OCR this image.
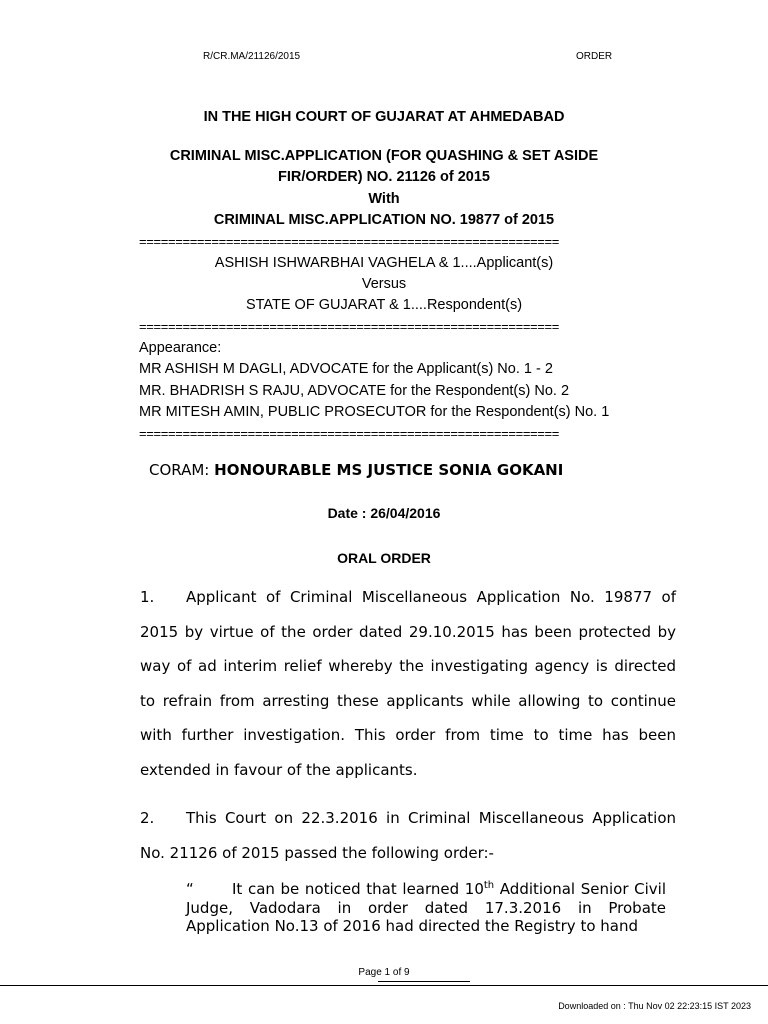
R/CR.MA/21126/2015	ORDER
IN THE HIGH COURT OF GUJARAT AT AHMEDABAD
CRIMINAL MISC.APPLICATION (FOR QUASHING & SET ASIDE
FIR/ORDER) NO. 21126 of 2015
With
CRIMINAL MISC.APPLICATION NO. 19877 of 2015
==========================================================
ASHISH ISHWARBHAI VAGHELA & 1....Applicant(s)
Versus
STATE OF GUJARAT & 1....Respondent(s)
==========================================================
Appearance:
MR ASHISH M DAGLI, ADVOCATE for the Applicant(s) No. 1 - 2
MR. BHADRISH S RAJU, ADVOCATE for the Respondent(s) No. 2
MR MITESH AMIN, PUBLIC PROSECUTOR for the Respondent(s) No. 1
==========================================================
CORAM: HONOURABLE MS JUSTICE SONIA GOKANI
Date : 26/04/2016
ORAL ORDER

1. Applicant of Criminal Miscellaneous Application No. 19877 of 2015 by virtue of the order dated 29.10.2015 has been protected by way of ad interim relief whereby the investigating agency is directed to refrain from arresting these applicants while allowing to continue with further investigation. This order from time to time has been extended in favour of the applicants.

2. This Court on 22.3.2016 in Criminal Miscellaneous Application No. 21126 of 2015 passed the following order:-

“	It can be noticed that learned 10th Additional Senior Civil Judge, Vadodara in order dated 17.3.2016 in Probate Application No.13 of 2016 had directed the Registry to hand
Page 1 of 9
Downloaded on : Thu Nov 02 22:23:15 IST 2023
